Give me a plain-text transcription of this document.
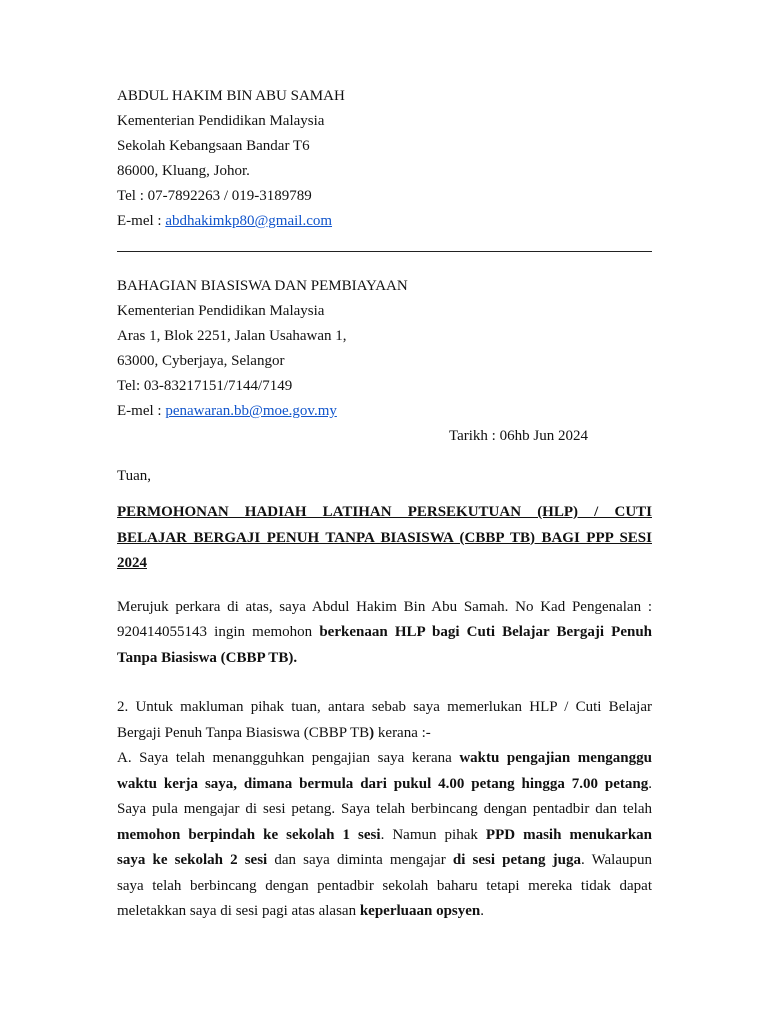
ABDUL HAKIM BIN ABU SAMAH
Kementerian Pendidikan Malaysia
Sekolah Kebangsaan Bandar T6
86000, Kluang, Johor.
Tel : 07-7892263 / 019-3189789
E-mel : abdhakimkp80@gmail.com
BAHAGIAN BIASISWA DAN PEMBIAYAAN
Kementerian Pendidikan Malaysia
Aras 1, Blok 2251, Jalan Usahawan 1,
63000, Cyberjaya, Selangor
Tel: 03-83217151/7144/7149
E-mel : penawaran.bb@moe.gov.my
Tarikh : 06hb Jun 2024
Tuan,
PERMOHONAN HADIAH LATIHAN PERSEKUTUAN (HLP) / CUTI
BELAJAR BERGAJI PENUH TANPA BIASISWA (CBBP TB) BAGI PPP SESI
2024
Merujuk perkara di atas, saya Abdul Hakim Bin Abu Samah. No Kad Pengenalan :
920414055143 ingin memohon berkenaan HLP bagi Cuti Belajar Bergaji Penuh
Tanpa Biasiswa (CBBP TB).
2. Untuk makluman pihak tuan, antara sebab saya memerlukan HLP / Cuti Belajar
Bergaji Penuh Tanpa Biasiswa (CBBP TB) kerana :-
A. Saya telah menangguhkan pengajian saya kerana waktu pengajian menganggu
waktu kerja saya, dimana bermula dari pukul 4.00 petang hingga 7.00 petang.
Saya pula mengajar di sesi petang. Saya telah berbincang dengan pentadbir dan telah
memohon berpindah ke sekolah 1 sesi. Namun pihak PPD masih menukarkan
saya ke sekolah 2 sesi dan saya diminta mengajar di sesi petang juga. Walaupun
saya telah berbincang dengan pentadbir sekolah baharu tetapi mereka tidak dapat
meletakkan saya di sesi pagi atas alasan keperluaan opsyen.
